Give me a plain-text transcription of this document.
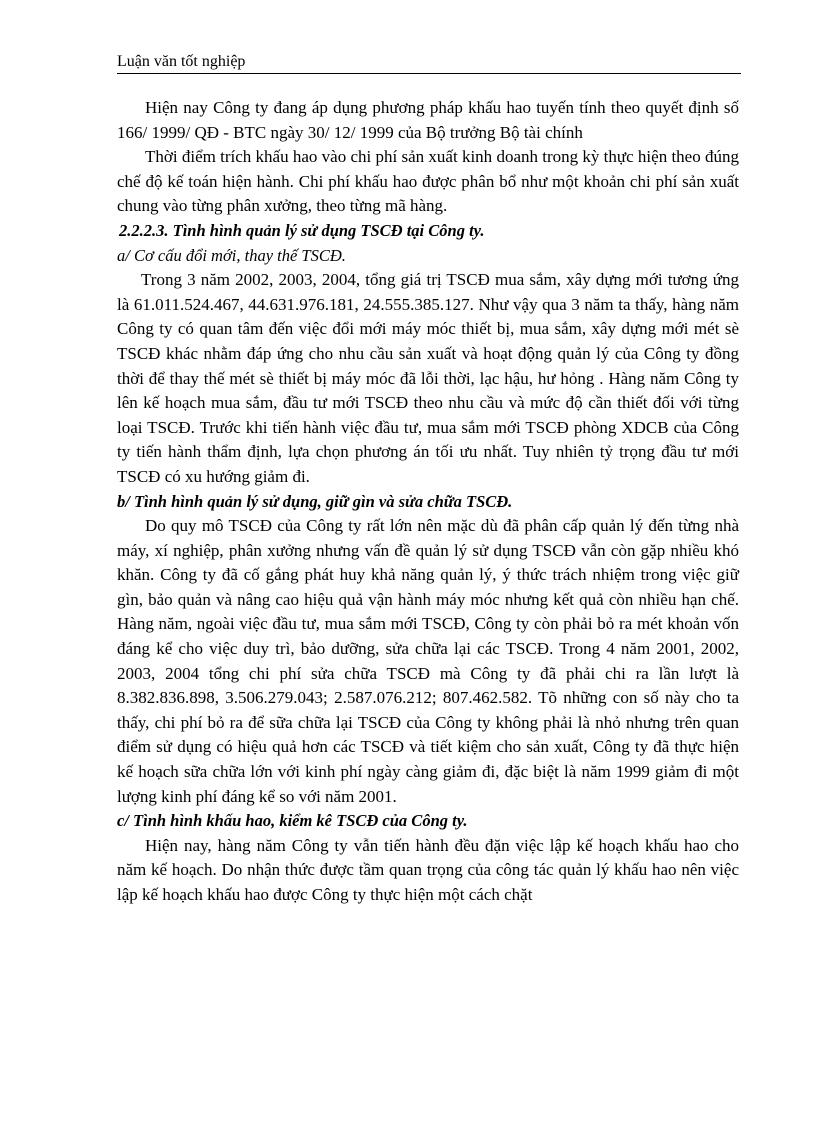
Luận văn tốt nghiệp

Hiện nay Công ty đang áp dụng phương pháp khấu hao tuyến tính theo quyết định số 166/ 1999/ QĐ - BTC ngày 30/ 12/ 1999 của Bộ trưởng Bộ tài chính

Thời điểm trích khấu hao vào chi phí sản xuất kinh doanh trong kỳ thực hiện theo đúng chế độ kế toán hiện hành. Chi phí khấu hao được phân bổ như một khoản chi phí sản xuất chung vào từng phân xưởng, theo từng mã hàng.

2.2.2.3. Tình hình quản lý sử dụng TSCĐ tại Công ty.

a/ Cơ cấu đổi mới, thay thế TSCĐ.

Trong 3 năm 2002, 2003, 2004, tổng giá trị TSCĐ mua sắm, xây dựng mới tương ứng là 61.011.524.467, 44.631.976.181, 24.555.385.127. Như vậy qua 3 năm ta thấy, hàng năm Công ty có quan tâm đến việc đổi mới máy móc thiết bị, mua sắm, xây dựng mới mét sè TSCĐ khác nhằm đáp ứng cho nhu cầu sản xuất và hoạt động quản lý của Công ty đồng thời để thay thế mét sè thiết bị máy móc đã lỗi thời, lạc hậu, hư hỏng . Hàng năm Công ty lên kế hoạch mua sắm, đầu tư mới TSCĐ theo nhu cầu và mức độ cần thiết đối với từng loại TSCĐ. Trước khi tiến hành việc đầu tư, mua sắm mới TSCĐ phòng XDCB của Công ty tiến hành thẩm định, lựa chọn phương án tối ưu nhất. Tuy nhiên tỷ trọng đầu tư mới TSCĐ có xu hướng giảm đi.

b/ Tình hình quản lý sử dụng, giữ gìn và sửa chữa TSCĐ.

Do quy mô TSCĐ của Công ty rất lớn nên mặc dù đã phân cấp quản lý đến từng nhà máy, xí nghiệp, phân xưởng nhưng vấn đề quản lý sử dụng TSCĐ vẫn còn gặp nhiều khó khăn. Công ty đã cố gắng phát huy khả năng quản lý, ý thức trách nhiệm trong việc giữ gìn, bảo quản và nâng cao hiệu quả vận hành máy móc nhưng kết quả còn nhiều hạn chế. Hàng năm, ngoài việc đầu tư, mua sắm mới TSCĐ, Công ty còn phải bỏ ra mét khoản vốn đáng kể cho việc duy trì, bảo dưỡng, sửa chữa lại các TSCĐ. Trong 4 năm 2001, 2002, 2003, 2004 tổng chi phí sửa chữa TSCĐ mà Công ty đã phải chi ra lần lượt là 8.382.836.898, 3.506.279.043; 2.587.076.212; 807.462.582. Tõ những con số này cho ta thấy, chi phí bỏ ra để sữa chữa lại TSCĐ của Công ty không phải là nhỏ nhưng trên quan điểm sử dụng có hiệu quả hơn các TSCĐ và tiết kiệm cho sản xuất, Công ty đã thực hiện kế hoạch sữa chữa lớn với kinh phí ngày càng giảm đi, đặc biệt là năm 1999 giảm đi một lượng kinh phí đáng kể so với năm 2001.

c/ Tình hình khấu hao, kiểm kê TSCĐ của Công ty.

Hiện nay, hàng năm Công ty vẫn tiến hành đều đặn việc lập kế hoạch khấu hao cho năm kế hoạch. Do nhận thức được tầm quan trọng của công tác quản lý khấu hao nên việc lập kế hoạch khấu hao được Công ty thực hiện một cách chặt
